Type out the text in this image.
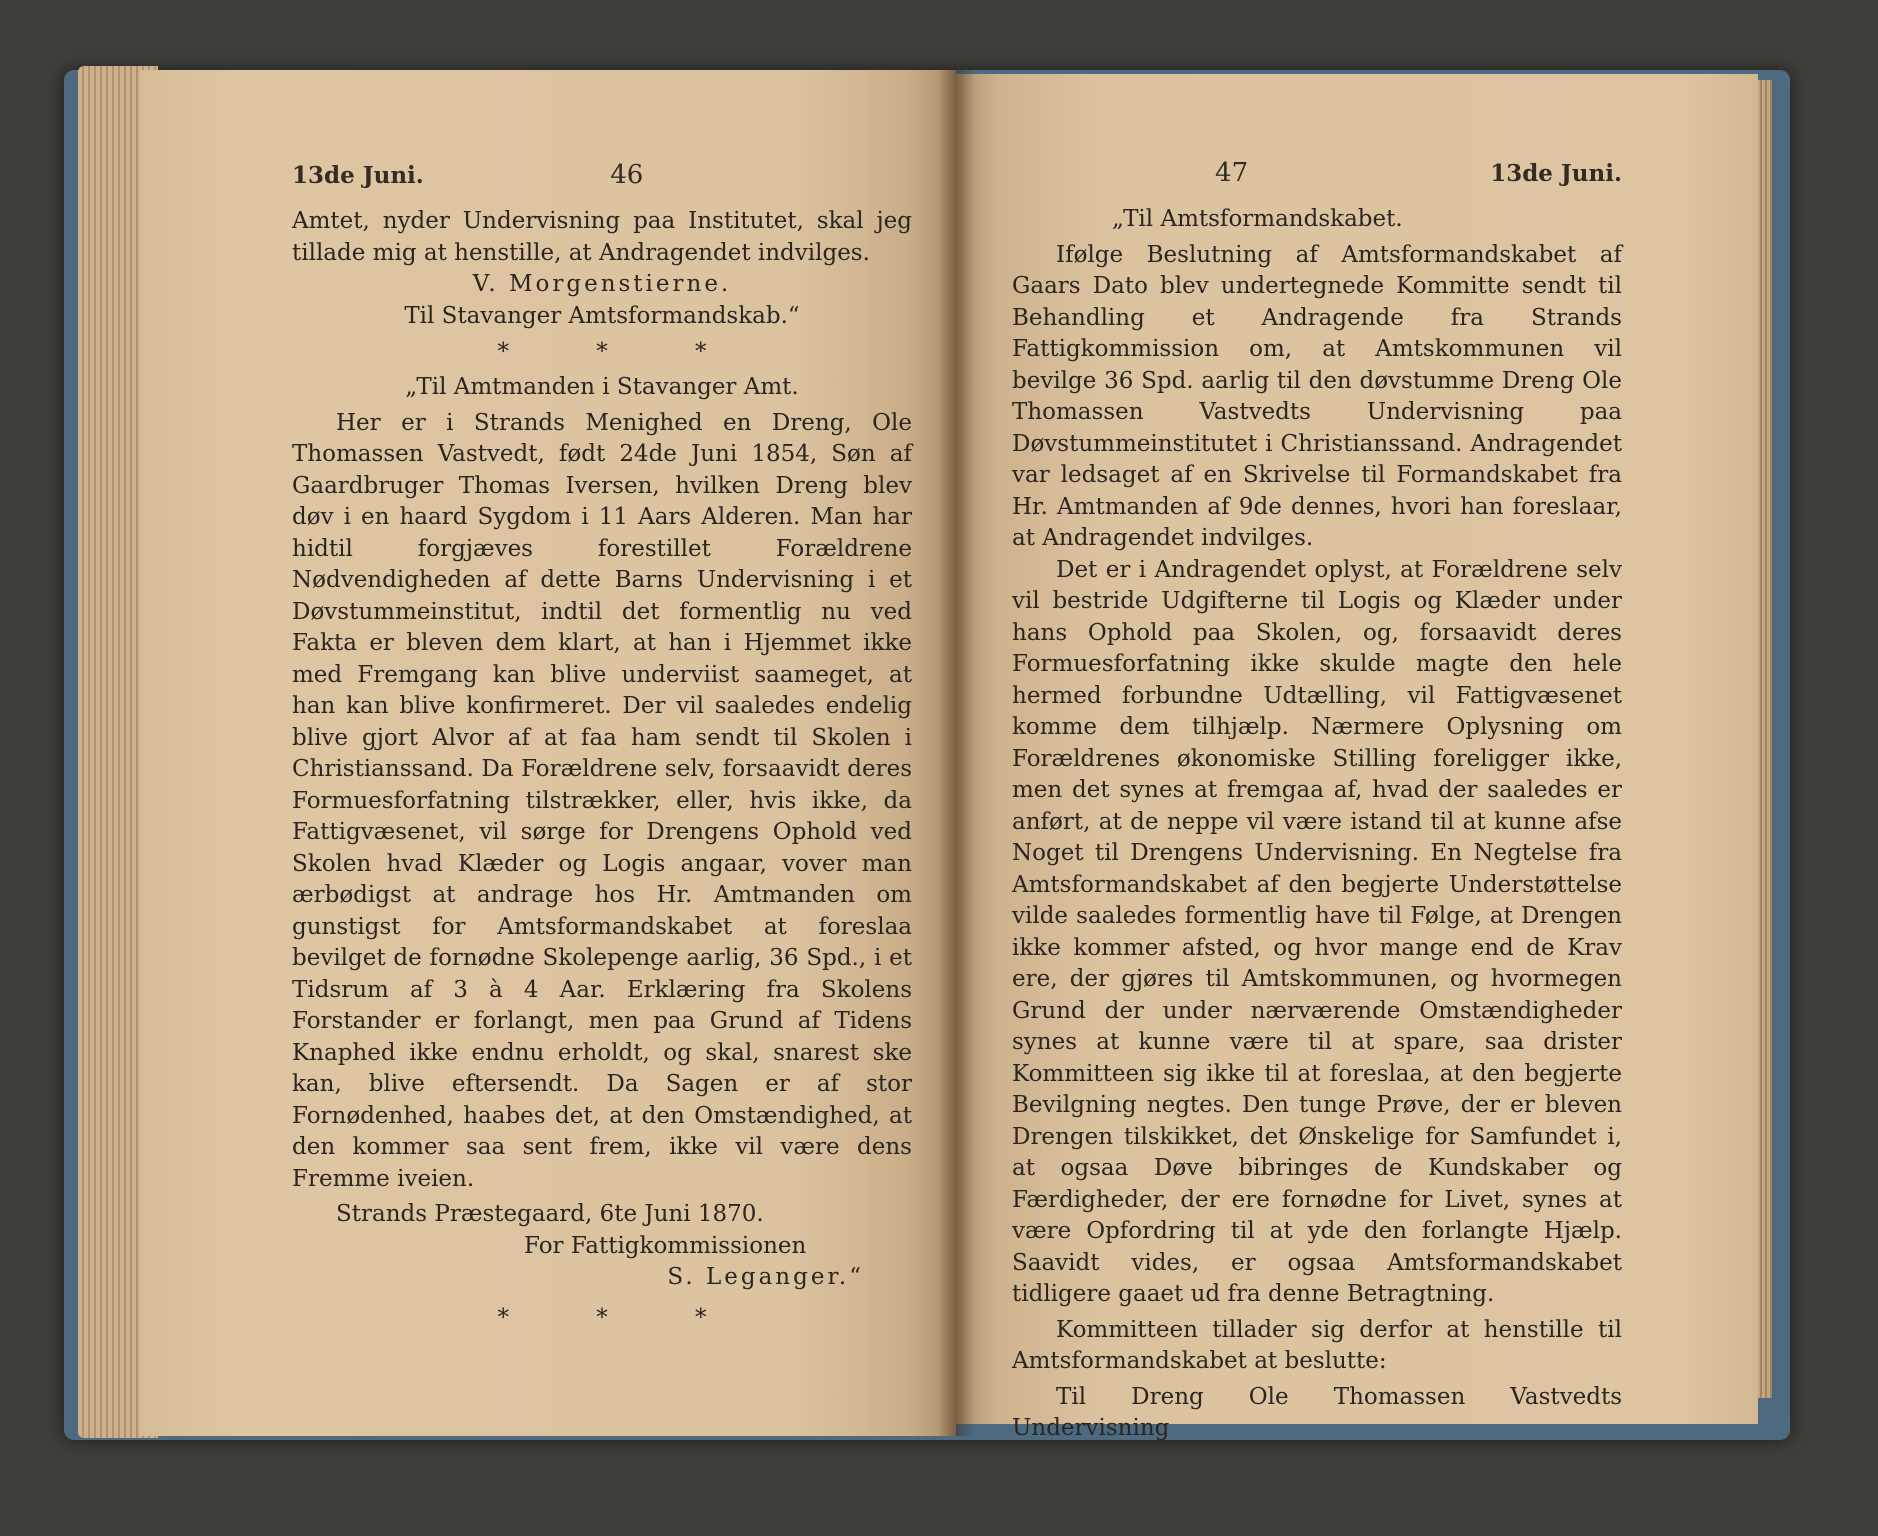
13de Juni.	46

Amtet, nyder Undervisning paa Institutet, skal jeg tillade mig at henstille, at Andragendet indvilges.

V. Morgenstierne.

Til Stavanger Amtsformandskab.“

* * *

„Til Amtmanden i Stavanger Amt.

Her er i Strands Menighed en Dreng, Ole Thomassen Vastvedt, født 24de Juni 1854, Søn af Gaardbruger Thomas Iversen, hvilken Dreng blev døv i en haard Sygdom i 11 Aars Alderen. Man har hidtil forgjæves forestillet Forældrene Nødvendigheden af dette Barns Undervisning i et Døvstummeinstitut, indtil det formentlig nu ved Fakta er bleven dem klart, at han i Hjemmet ikke med Fremgang kan blive underviist saameget, at han kan blive konfirmeret. Der vil saaledes endelig blive gjort Alvor af at faa ham sendt til Skolen i Christianssand. Da Forældrene selv, forsaavidt deres Formuesforfatning tilstrækker, eller, hvis ikke, da Fattigvæsenet, vil sørge for Drengens Ophold ved Skolen hvad Klæder og Logis angaar, vover man ærbødigst at andrage hos Hr. Amtmanden om gunstigst for Amtsformandskabet at foreslaa bevilget de fornødne Skolepenge aarlig, 36 Spd., i et Tidsrum af 3 à 4 Aar. Erklæring fra Skolens Forstander er forlangt, men paa Grund af Tidens Knaphed ikke endnu erholdt, og skal, snarest ske kan, blive eftersendt. Da Sagen er af stor Fornødenhed, haabes det, at den Omstændighed, at den kommer saa sent frem, ikke vil være dens Fremme iveien.

Strands Præstegaard, 6te Juni 1870.

For Fattigkommissionen

S. Leganger.“

* * *

47	13de Juni.

„Til Amtsformandskabet.

Ifølge Beslutning af Amtsformandskabet af Gaars Dato blev undertegnede Kommitte sendt til Behandling et Andragende fra Strands Fattigkommission om, at Amtskommunen vil bevilge 36 Spd. aarlig til den døvstumme Dreng Ole Thomassen Vastvedts Undervisning paa Døvstummeinstitutet i Christianssand. Andragendet var ledsaget af en Skrivelse til Formandskabet fra Hr. Amtmanden af 9de dennes, hvori han foreslaar, at Andragendet indvilges.

Det er i Andragendet oplyst, at Forældrene selv vil bestride Udgifterne til Logis og Klæder under hans Ophold paa Skolen, og, forsaavidt deres Formuesforfatning ikke skulde magte den hele hermed forbundne Udtælling, vil Fattigvæsenet komme dem tilhjælp. Nærmere Oplysning om Forældrenes økonomiske Stilling foreligger ikke, men det synes at fremgaa af, hvad der saaledes er anført, at de neppe vil være istand til at kunne afse Noget til Drengens Undervisning. En Negtelse fra Amtsformandskabet af den begjerte Understøttelse vilde saaledes formentlig have til Følge, at Drengen ikke kommer afsted, og hvor mange end de Krav ere, der gjøres til Amtskommunen, og hvormegen Grund der under nærværende Omstændigheder synes at kunne være til at spare, saa drister Kommitteen sig ikke til at foreslaa, at den begjerte Bevilgning negtes. Den tunge Prøve, der er bleven Drengen tilskikket, det Ønskelige for Samfundet i, at ogsaa Døve bibringes de Kundskaber og Færdigheder, der ere fornødne for Livet, synes at være Opfordring til at yde den forlangte Hjælp. Saavidt vides, er ogsaa Amtsformandskabet tidligere gaaet ud fra denne Betragtning.

Kommitteen tillader sig derfor at henstille til Amtsformandskabet at beslutte:

Til Dreng Ole Thomassen Vastvedts Undervisning
